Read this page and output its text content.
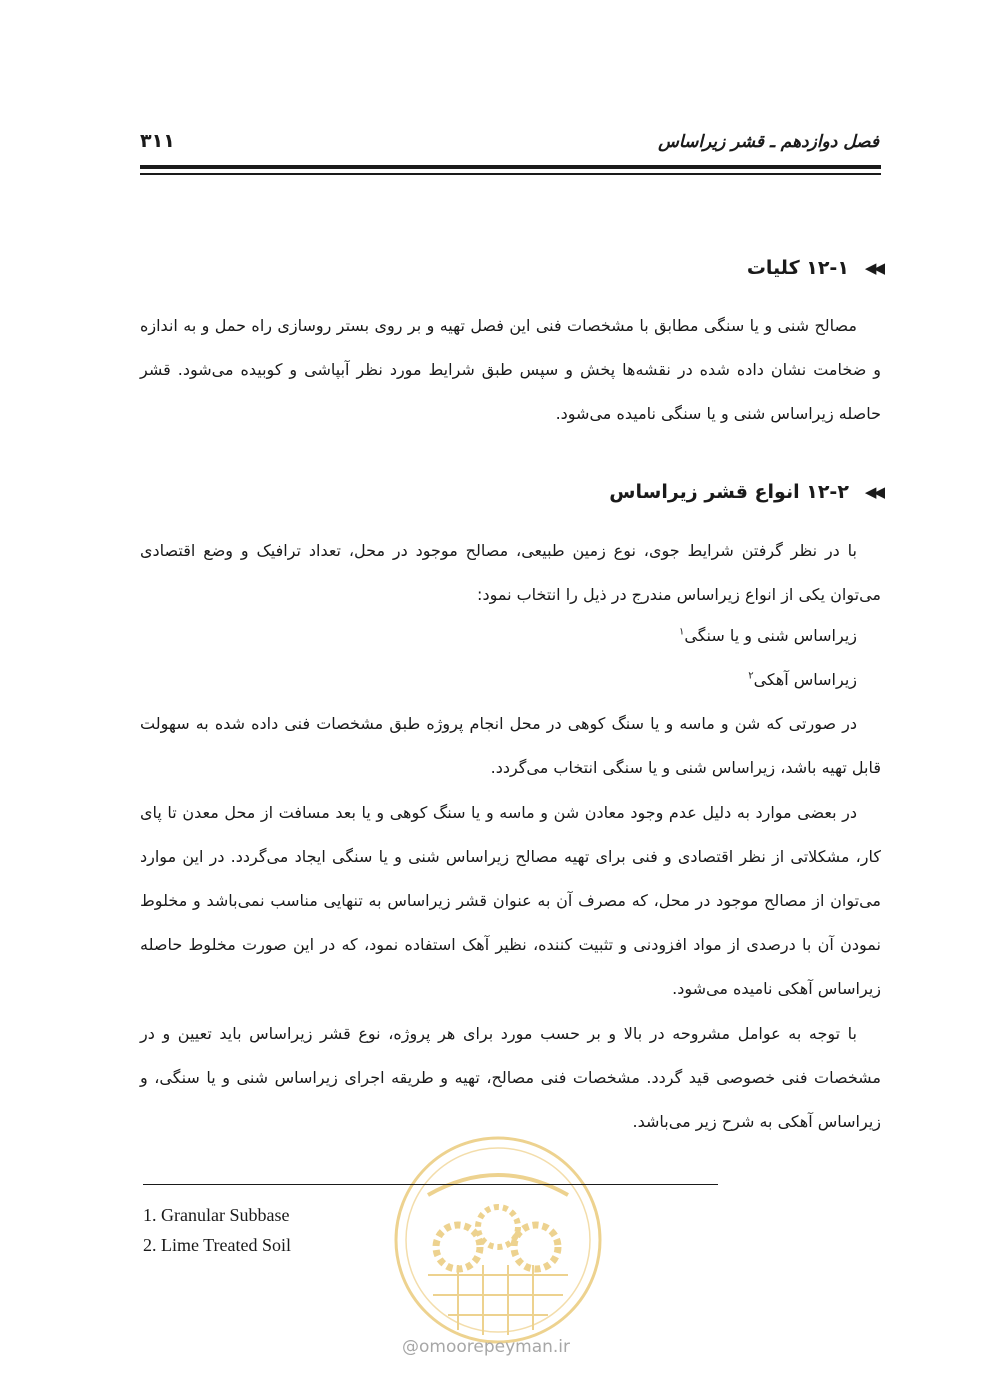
فصل دوازدهم ـ قشر زیراساس
۳۱۱
◀◀
۱۲-۱ کلیات

مصالح شنی و یا سنگی مطابق با مشخصات فنی این فصل تهیه و بر روی بستر روسازی راه حمل و به اندازه و ضخامت نشان داده شده در نقشه‌ها پخش و سپس طبق شرایط مورد نظر آبپاشی و کوبیده می‌شود. قشر حاصله زیراساس شنی و یا سنگی نامیده می‌شود.

◀◀
۱۲-۲ انواع قشر زیراساس

با در نظر گرفتن شرایط جوی، نوع زمین طبیعی، مصالح موجود در محل، تعداد ترافیک و وضع اقتصادی می‌توان یکی از انواع زیراساس مندرج در ذیل را انتخاب نمود:

زیراساس شنی و یا سنگی$^۱$
زیراساس آهکی$^۲$

در صورتی که شن و ماسه و یا سنگ کوهی در محل انجام پروژه طبق مشخصات فنی داده شده به سهولت قابل تهیه باشد، زیراساس شنی و یا سنگی انتخاب می‌گردد.

در بعضی موارد به دلیل عدم وجود معادن شن و ماسه و یا سنگ کوهی و یا بعد مسافت از محل معدن تا پای کار، مشکلاتی از نظر اقتصادی و فنی برای تهیه مصالح زیراساس شنی و یا سنگی ایجاد می‌گردد. در این موارد می‌توان از مصالح موجود در محل، که مصرف آن به عنوان قشر زیراساس به تنهایی مناسب نمی‌باشد و مخلوط نمودن آن با درصدی از مواد افزودنی و تثبیت کننده، نظیر آهک استفاده نمود، که در این صورت مخلوط حاصله زیراساس آهکی نامیده می‌شود.

با توجه به عوامل مشروحه در بالا و بر حسب مورد برای هر پروژه، نوع قشر زیراساس باید تعیین و در مشخصات فنی خصوصی قید گردد. مشخصات فنی مصالح، تهیه و طریقه اجرای زیراساس شنی و یا سنگی، و زیراساس آهکی به شرح زیر می‌باشد.

@omoorepeyman.ir
1. Granular Subbase
2. Lime Treated Soil
